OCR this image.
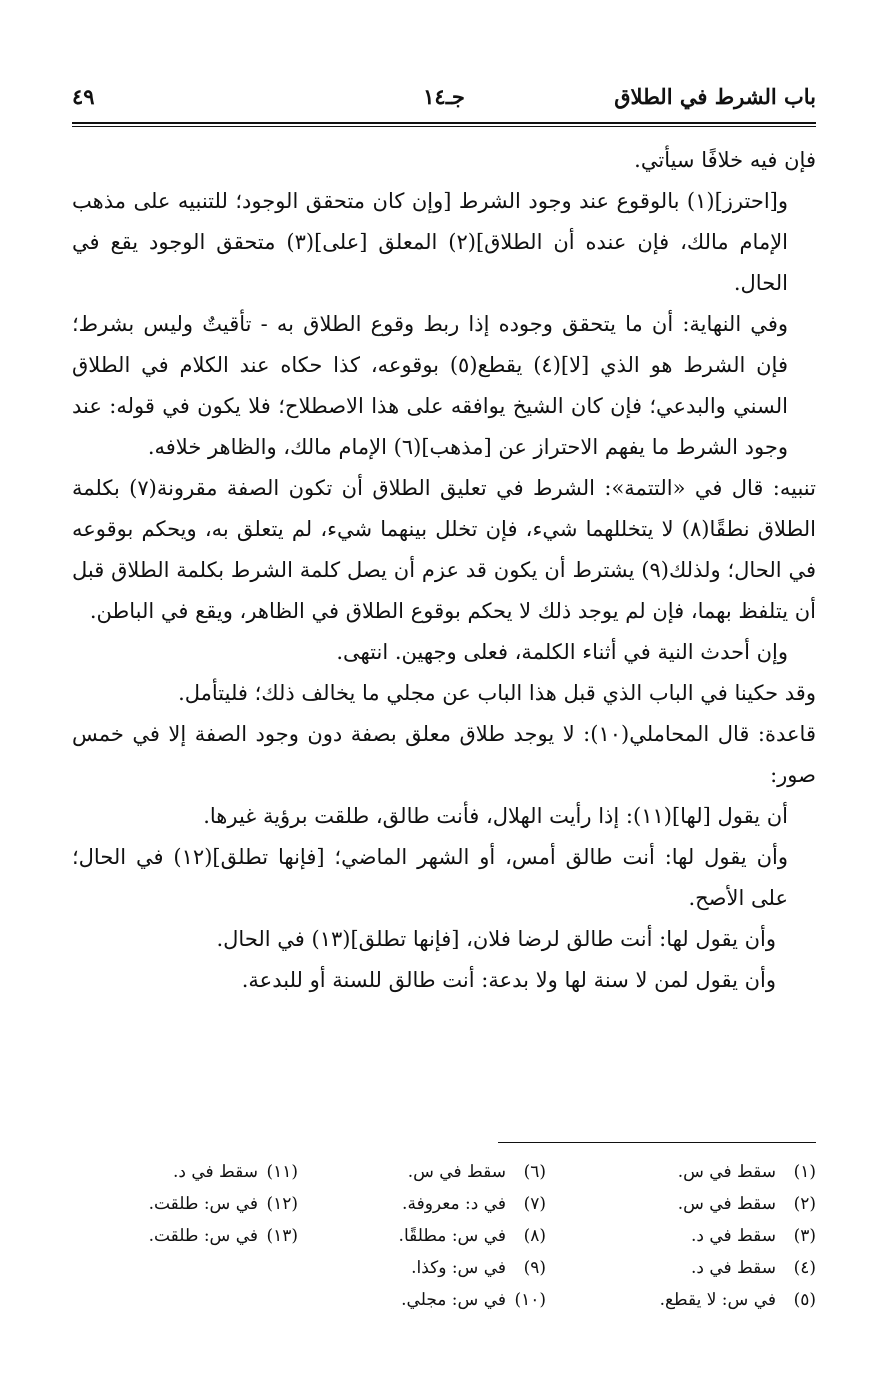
باب الشرط في الطلاق
جـ١٤
٤٩

فإن فيه خلافًا سيأتي.

و[احترز](١) بالوقوع عند وجود الشرط [وإن كان متحقق الوجود؛ للتنبيه على مذهب الإمام مالك، فإن عنده أن الطلاق](٢) المعلق [على](٣) متحقق الوجود يقع في الحال.

وفي النهاية: أن ما يتحقق وجوده إذا ربط وقوع الطلاق به - تأقيتٌ وليس بشرط؛ فإن الشرط هو الذي [لا](٤) يقطع(٥) بوقوعه، كذا حكاه عند الكلام في الطلاق السني والبدعي؛ فإن كان الشيخ يوافقه على هذا الاصطلاح؛ فلا يكون في قوله: عند وجود الشرط ما يفهم الاحتراز عن [مذهب](٦) الإمام مالك، والظاهر خلافه.

تنبيه: قال في «التتمة»: الشرط في تعليق الطلاق أن تكون الصفة مقرونة(٧) بكلمة الطلاق نطقًا(٨) لا يتخللهما شيء، فإن تخلل بينهما شيء، لم يتعلق به، ويحكم بوقوعه في الحال؛ ولذلك(٩) يشترط أن يكون قد عزم أن يصل كلمة الشرط بكلمة الطلاق قبل أن يتلفظ بهما، فإن لم يوجد ذلك لا يحكم بوقوع الطلاق في الظاهر، ويقع في الباطن.

وإن أحدث النية في أثناء الكلمة، فعلى وجهين. انتهى.

وقد حكينا في الباب الذي قبل هذا الباب عن مجلي ما يخالف ذلك؛ فليتأمل.

قاعدة: قال المحاملي(١٠): لا يوجد طلاق معلق بصفة دون وجود الصفة إلا في خمس صور:

أن يقول [لها](١١): إذا رأيت الهلال، فأنت طالق، طلقت برؤية غيرها.

وأن يقول لها: أنت طالق أمس، أو الشهر الماضي؛ [فإنها تطلق](١٢) في الحال؛ على الأصح.

وأن يقول لها: أنت طالق لرضا فلان، [فإنها تطلق](١٣) في الحال.

وأن يقول لمن لا سنة لها ولا بدعة: أنت طالق للسنة أو للبدعة.

(١)سقط في س.
(٢)سقط في س.
(٣)سقط في د.
(٤)سقط في د.
(٥)في س: لا يقطع.
(٦)سقط في س.
(٧)في د: معروفة.
(٨)في س: مطلقًا.
(٩)في س: وكذا.
(١٠)في س: مجلي.
(١١)سقط في د.
(١٢)في س: طلقت.
(١٣)في س: طلقت.
